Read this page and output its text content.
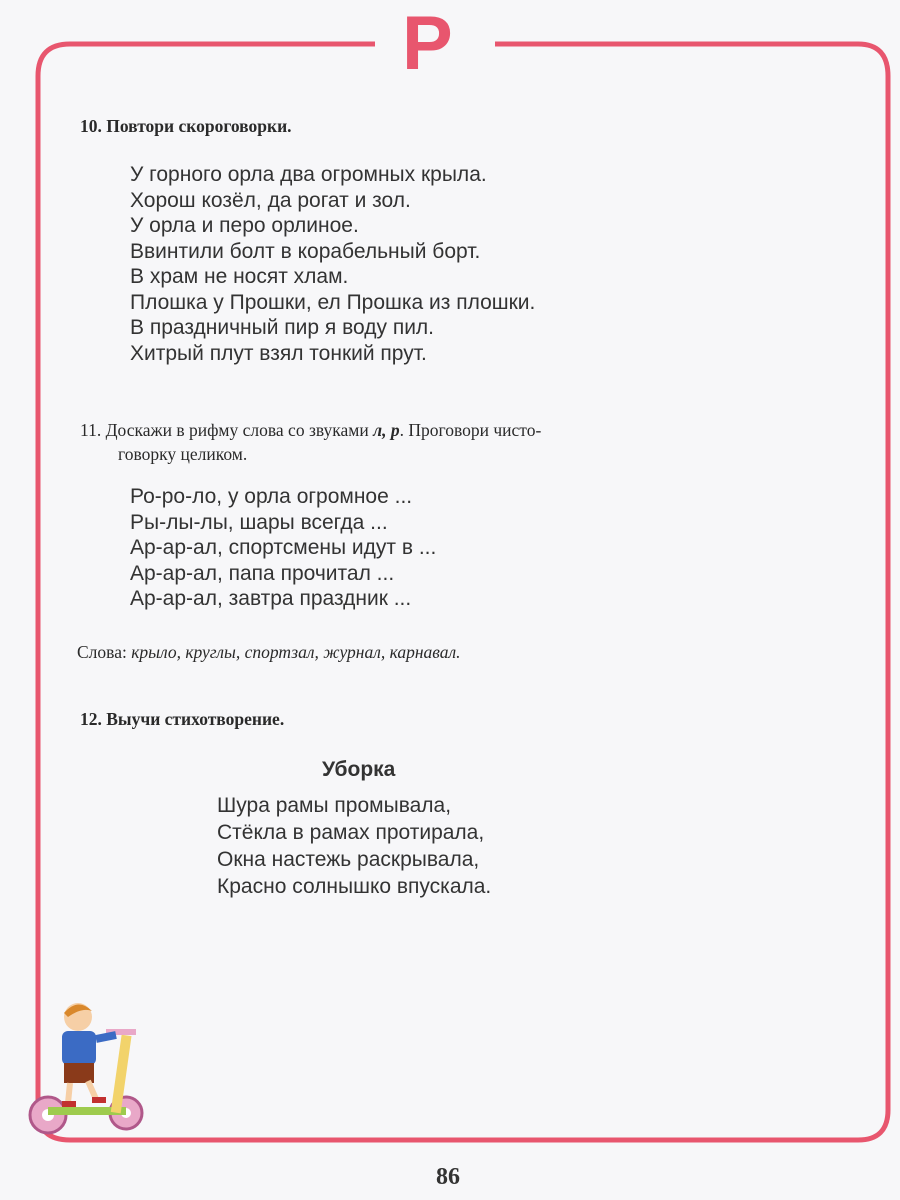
Р
10. Повтори скороговорки.
У горного орла два огромных крыла.
Хорош козёл, да рогат и зол.
У орла и перо орлиное.
Ввинтили болт в корабельный борт.
В храм не носят хлам.
Плошка у Прошки, ел Прошка из плошки.
В праздничный пир я воду пил.
Хитрый плут взял тонкий прут.
11. Доскажи в рифму слова со звуками л, р. Проговори чисто-
говорку целиком.
Ро-ро-ло, у орла огромное ...
Ры-лы-лы, шары всегда ...
Ар-ар-ал, спортсмены идут в ...
Ар-ар-ал, папа прочитал ...
Ар-ар-ал, завтра праздник ...
Слова: крыло, круглы, спортзал, журнал, карнавал.
12. Выучи стихотворение.
Уборка
Шура рамы промывала,
Стёкла в рамах протирала,
Окна настежь раскрывала,
Красно солнышко впускала.
86
